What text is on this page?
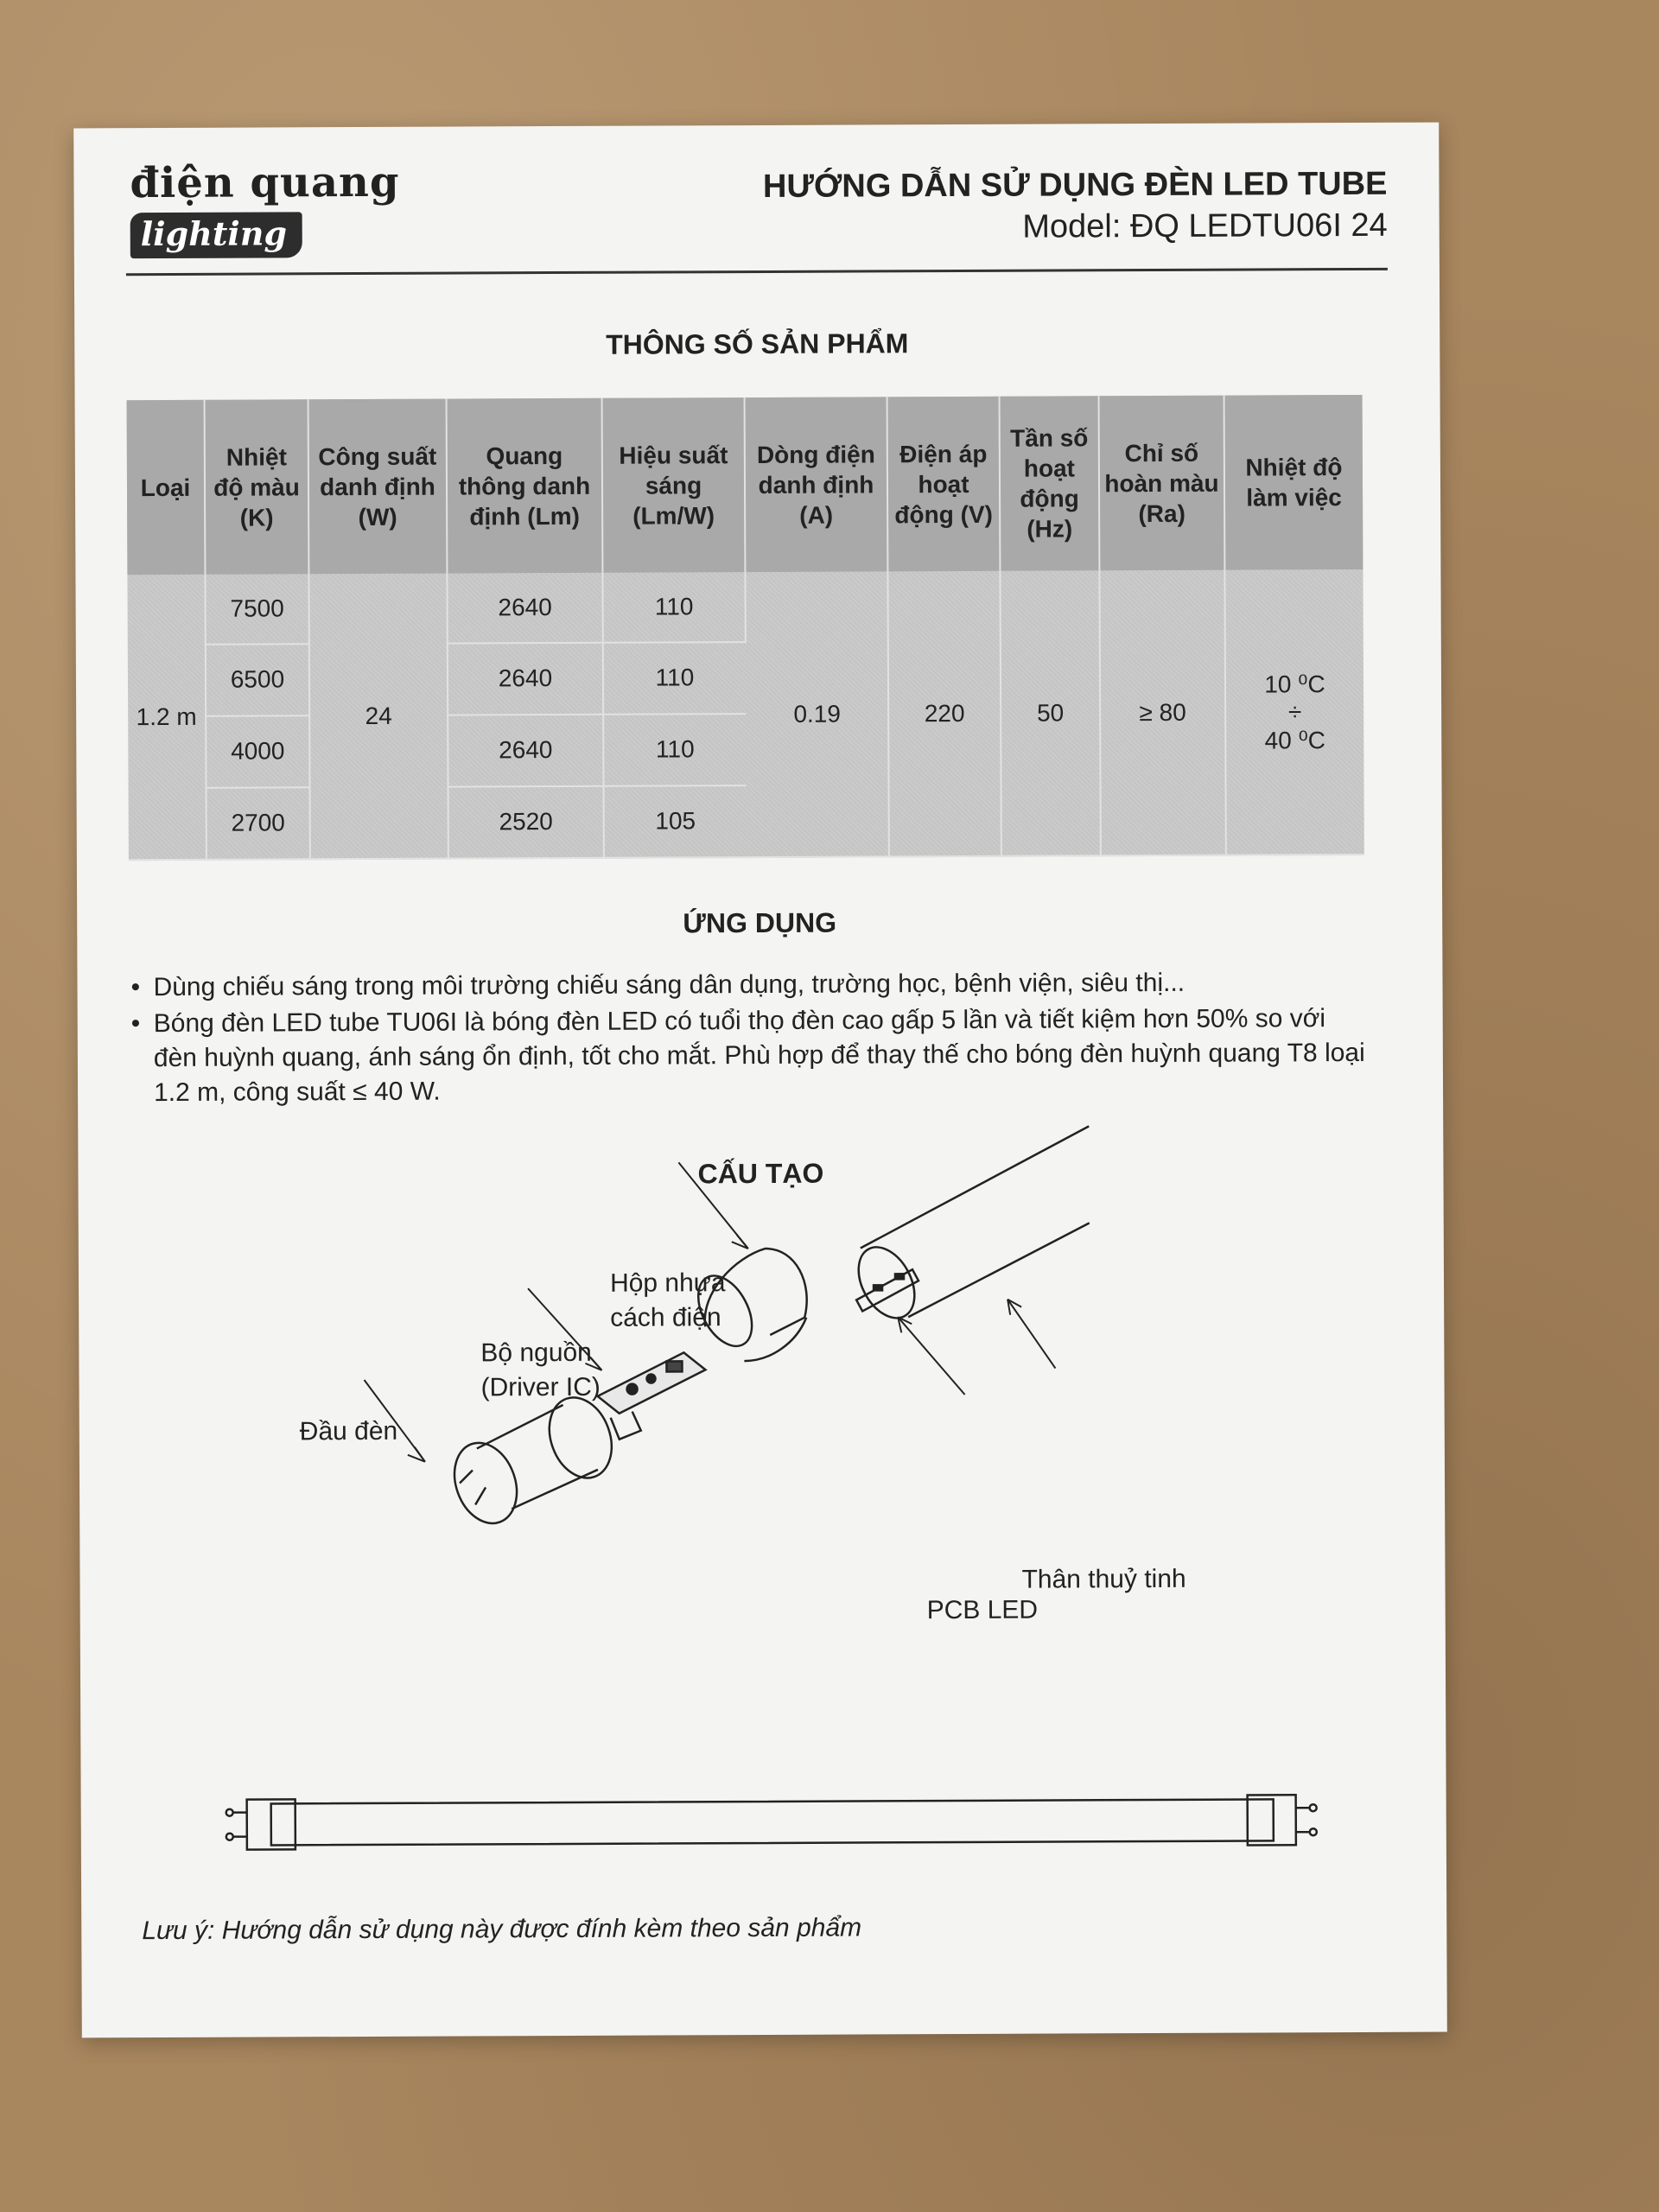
điện quang
lighting
HƯỚNG DẪN SỬ DỤNG ĐÈN LED TUBE
Model: ĐQ LEDTU06I 24
THÔNG SỐ SẢN PHẨM
Loại	Nhiệt độ màu (K)	Công suất danh định (W)	Quang thông danh định (Lm)	Hiệu suất sáng (Lm/W)	Dòng điện danh định (A)	Điện áp hoạt động (V)	Tần số hoạt động (Hz)	Chỉ số hoàn màu (Ra)	Nhiệt độ làm việc
1.2 m	7500	24	2640	110	0.19	220	50	≥ 80	10 ⁰C
÷
40 ⁰C

	6500		2640	110					
	4000		2640	110					
	2700		2520	105					
ỨNG DỤNG
• Dùng chiếu sáng trong môi trường chiếu sáng dân dụng, trường học, bệnh viện, siêu thị...
• Bóng đèn LED tube TU06I là bóng đèn LED có tuổi thọ đèn cao gấp 5 lần và tiết kiệm hơn 50% so với đèn huỳnh quang, ánh sáng ổn định, tốt cho mắt. Phù hợp để thay thế cho bóng đèn huỳnh quang T8 loại 1.2 m, công suất ≤ 40 W.
CẤU TẠO
Đầu đèn
Bộ nguồn
(Driver IC)
Hộp nhựa
cách điện
PCB LED
Thân thuỷ tinh
Lưu ý: Hướng dẫn sử dụng này được đính kèm theo sản phẩm
